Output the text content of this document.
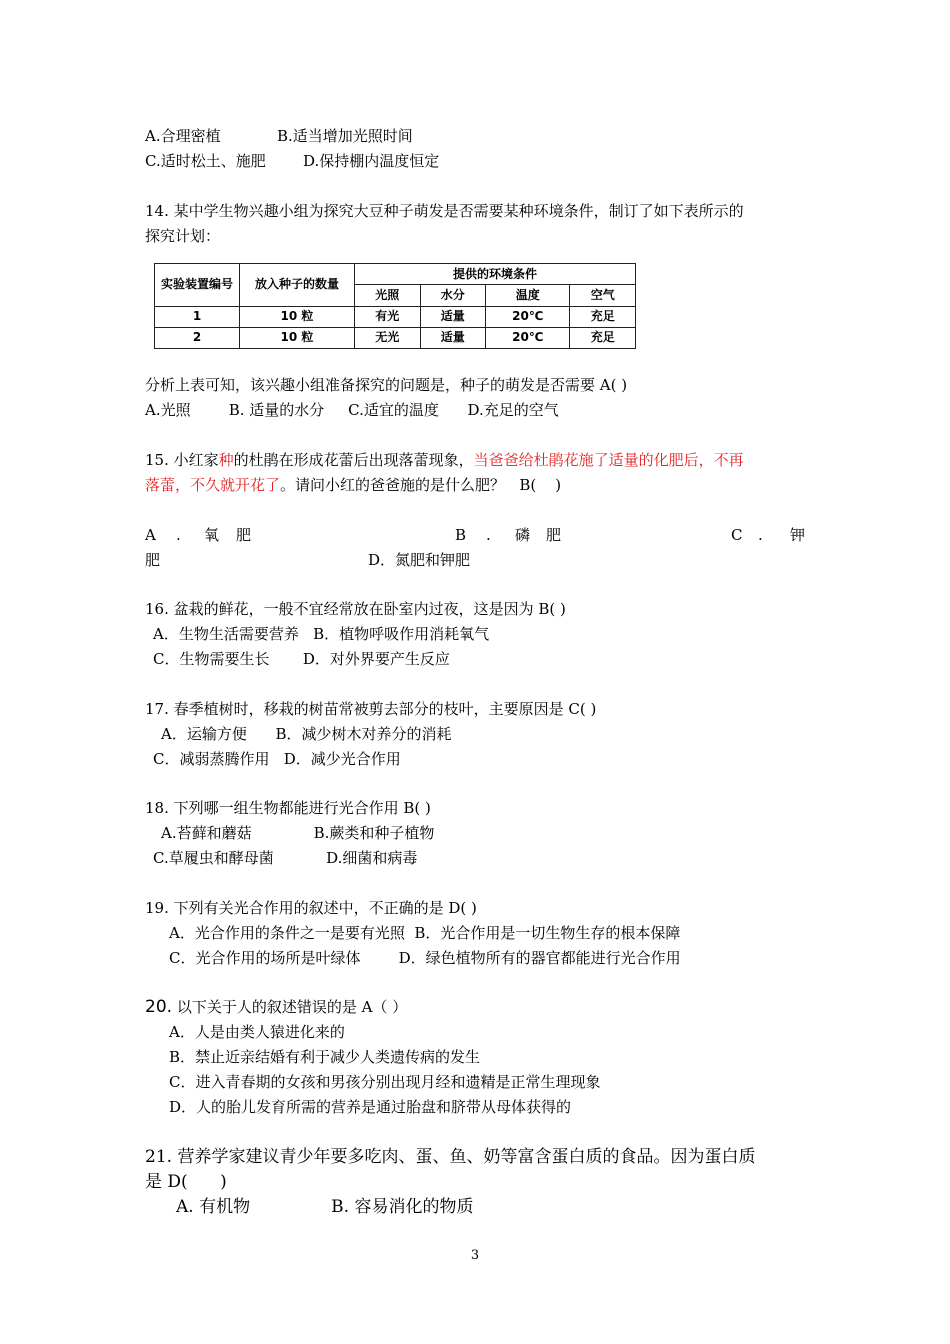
A.合理密植	B.适当增加光照时间
C.适时松土、施肥 D.保持棚内温度恒定
14. 某中学生物兴趣小组为探究大豆种子萌发是否需要某种环境条件，制订了如下表所示的
探究计划：
实验装置编号	放入种子的数量	提供的环境条件			
		光照	水分	温度	空气
1	10 粒	有光	适量	20℃	充足
2	10 粒	无光	适量	20℃	充足
分析上表可知，该兴趣小组准备探究的问题是，种子的萌发是否需要 A( )
A.光照        B. 适量的水分     C.适宜的温度      D.充足的空气
15. 小红家种的杜鹃在形成花蕾后出现落蕾现象，当爸爸给杜鹃花施了适量的化肥后，不再
落蕾，不久就开花了。请问小红的爸爸施的是什么肥？   B(    )
A . 氧 肥	B . 磷 肥	C . 钾
肥	D．氮肥和钾肥
16. 盆栽的鲜花，一般不宜经常放在卧室内过夜，这是因为 B( )
A．生物生活需要营养   B．植物呼吸作用消耗氧气
C．生物需要生长       D．对外界要产生反应
17. 春季植树时，移栽的树苗常被剪去部分的枝叶，主要原因是 C( )
A．运输方便      B．减少树木对养分的消耗
C．减弱蒸腾作用   D．减少光合作用
18. 下列哪一组生物都能进行光合作用 B( )
A.苔藓和蘑菇             B.蕨类和种子植物
C.草履虫和酵母菌           D.细菌和病毒
19. 下列有关光合作用的叙述中，不正确的是 D( )
A．光合作用的条件之一是要有光照  B．光合作用是一切生物生存的根本保障
C．光合作用的场所是叶绿体        D．绿色植物所有的器官都能进行光合作用
20. 以下关于人的叙述错误的是 A（ ）
A．人是由类人猿进化来的
B．禁止近亲结婚有利于减少人类遗传病的发生
C．进入青春期的女孩和男孩分别出现月经和遗精是正常生理现象
D．人的胎儿发育所需的营养是通过胎盘和脐带从母体获得的
21. 营养学家建议青少年要多吃肉、蛋、鱼、奶等富含蛋白质的食品。因为蛋白质
是 D(      )
A. 有机物               B. 容易消化的物质
3
